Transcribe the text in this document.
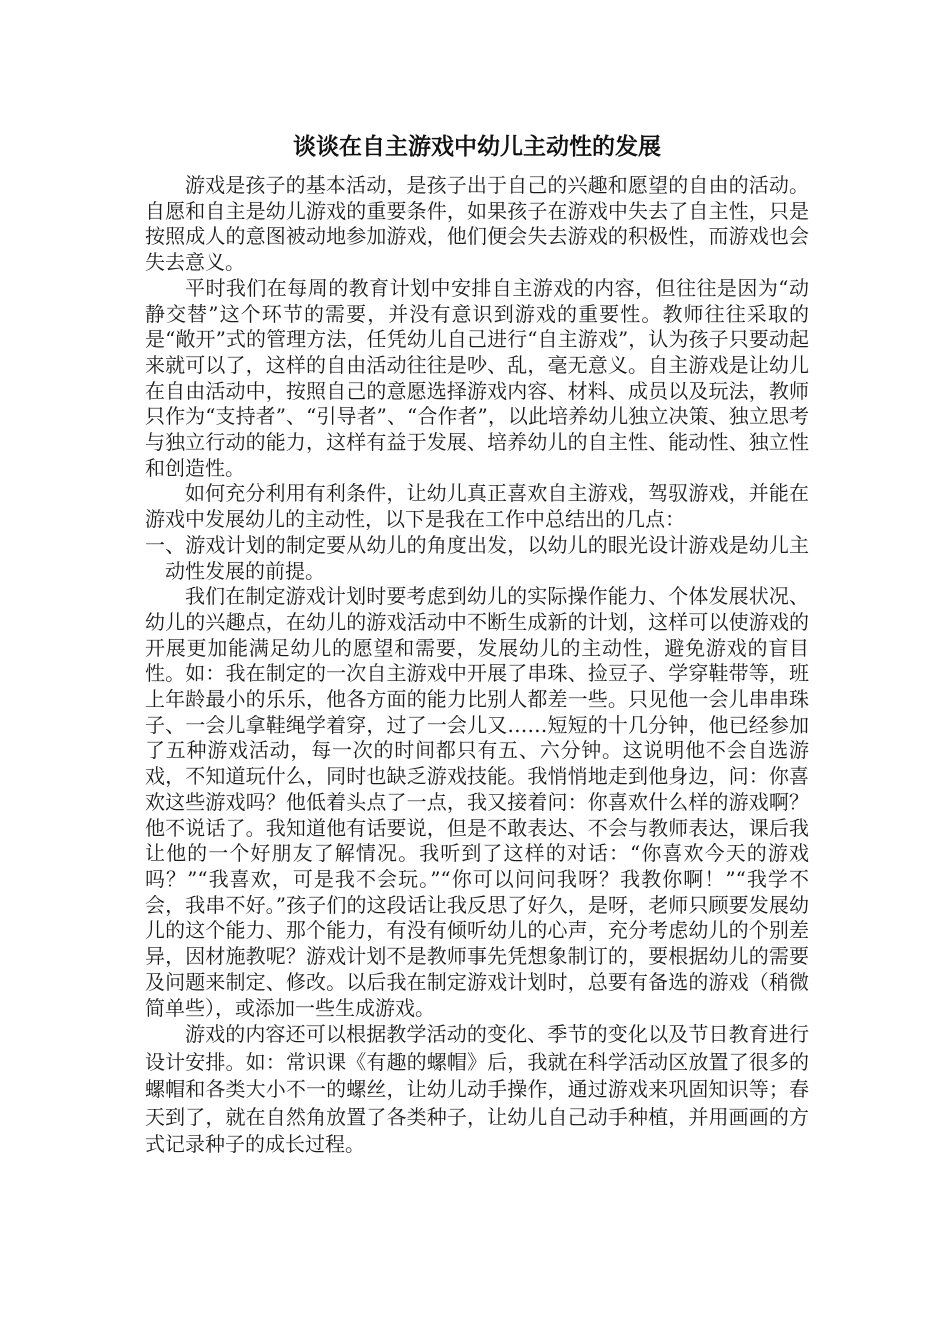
谈谈在自主游戏中幼儿主动性的发展

游戏是孩子的基本活动，是孩子出于自己的兴趣和愿望的自由的活动。自愿和自主是幼儿游戏的重要条件，如果孩子在游戏中失去了自主性，只是按照成人的意图被动地参加游戏，他们便会失去游戏的积极性，而游戏也会失去意义。

平时我们在每周的教育计划中安排自主游戏的内容，但往往是因为“动静交替”这个环节的需要，并没有意识到游戏的重要性。教师往往采取的是“敞开”式的管理方法，任凭幼儿自己进行“自主游戏”，认为孩子只要动起来就可以了，这样的自由活动往往是吵、乱，毫无意义。自主游戏是让幼儿在自由活动中，按照自己的意愿选择游戏内容、材料、成员以及玩法，教师只作为“支持者”、“引导者”、“合作者”，以此培养幼儿独立决策、独立思考与独立行动的能力，这样有益于发展、培养幼儿的自主性、能动性、独立性和创造性。

如何充分利用有利条件，让幼儿真正喜欢自主游戏，驾驭游戏，并能在游戏中发展幼儿的主动性，以下是我在工作中总结出的几点：

一、游戏计划的制定要从幼儿的角度出发，以幼儿的眼光设计游戏是幼儿主动性发展的前提。

我们在制定游戏计划时要考虑到幼儿的实际操作能力、个体发展状况、幼儿的兴趣点，在幼儿的游戏活动中不断生成新的计划，这样可以使游戏的开展更加能满足幼儿的愿望和需要，发展幼儿的主动性，避免游戏的盲目性。如：我在制定的一次自主游戏中开展了串珠、捡豆子、学穿鞋带等，班上年龄最小的乐乐，他各方面的能力比别人都差一些。只见他一会儿串串珠子、一会儿拿鞋绳学着穿，过了一会儿又……短短的十几分钟，他已经参加了五种游戏活动，每一次的时间都只有五、六分钟。这说明他不会自选游戏，不知道玩什么，同时也缺乏游戏技能。我悄悄地走到他身边，问：你喜欢这些游戏吗？他低着头点了一点，我又接着问：你喜欢什么样的游戏啊？他不说话了。我知道他有话要说，但是不敢表达、不会与教师表达，课后我让他的一个好朋友了解情况。我听到了这样的对话：“你喜欢今天的游戏吗？”“我喜欢，可是我不会玩。”“你可以问问我呀？我教你啊！”“我学不会，我串不好。”孩子们的这段话让我反思了好久，是呀，老师只顾要发展幼儿的这个能力、那个能力，有没有倾听幼儿的心声，充分考虑幼儿的个别差异，因材施教呢？游戏计划不是教师事先凭想象制订的，要根据幼儿的需要及问题来制定、修改。以后我在制定游戏计划时，总要有备选的游戏（稍微简单些），或添加一些生成游戏。

游戏的内容还可以根据教学活动的变化、季节的变化以及节日教育进行设计安排。如：常识课《有趣的螺帽》后，我就在科学活动区放置了很多的螺帽和各类大小不一的螺丝，让幼儿动手操作，通过游戏来巩固知识等；春天到了，就在自然角放置了各类种子，让幼儿自己动手种植，并用画画的方式记录种子的成长过程。
